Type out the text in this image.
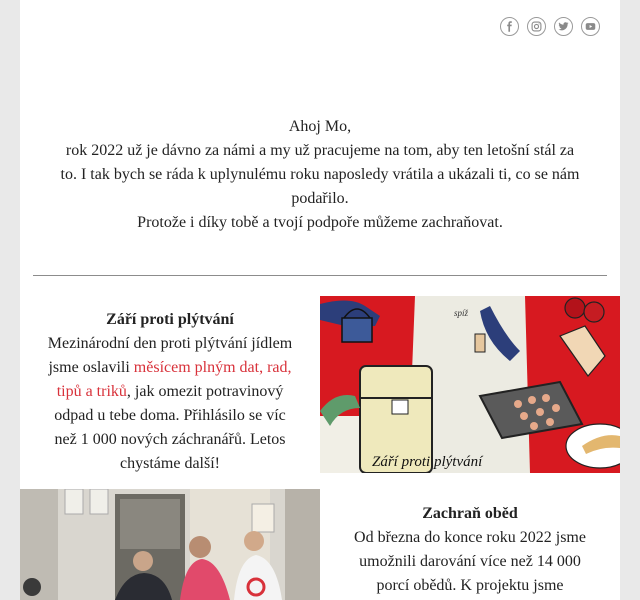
Ahoj Mo,

rok 2022 už je dávno za námi a my už pracujeme na tom, aby ten letošní stál za to. I tak bych se ráda k uplynulému roku naposledy vrátila a ukázali ti, co se nám podařilo.

Protože i díky tobě a tvojí podpoře můžeme zachraňovat.

Září proti plýtvání

Mezinárodní den proti plýtvání jídlem jsme oslavili měsícem plným dat, rad, tipů a triků, jak omezit potravinový odpad u tebe doma. Přihlásilo se víc než 1 000 nových záchranářů. Letos chystáme další!

spíž
Září proti plýtvání
Zachraň oběd

Od března do konce roku 2022 jsme umožnili darování více než 14 000 porcí obědů. K projektu jsme
